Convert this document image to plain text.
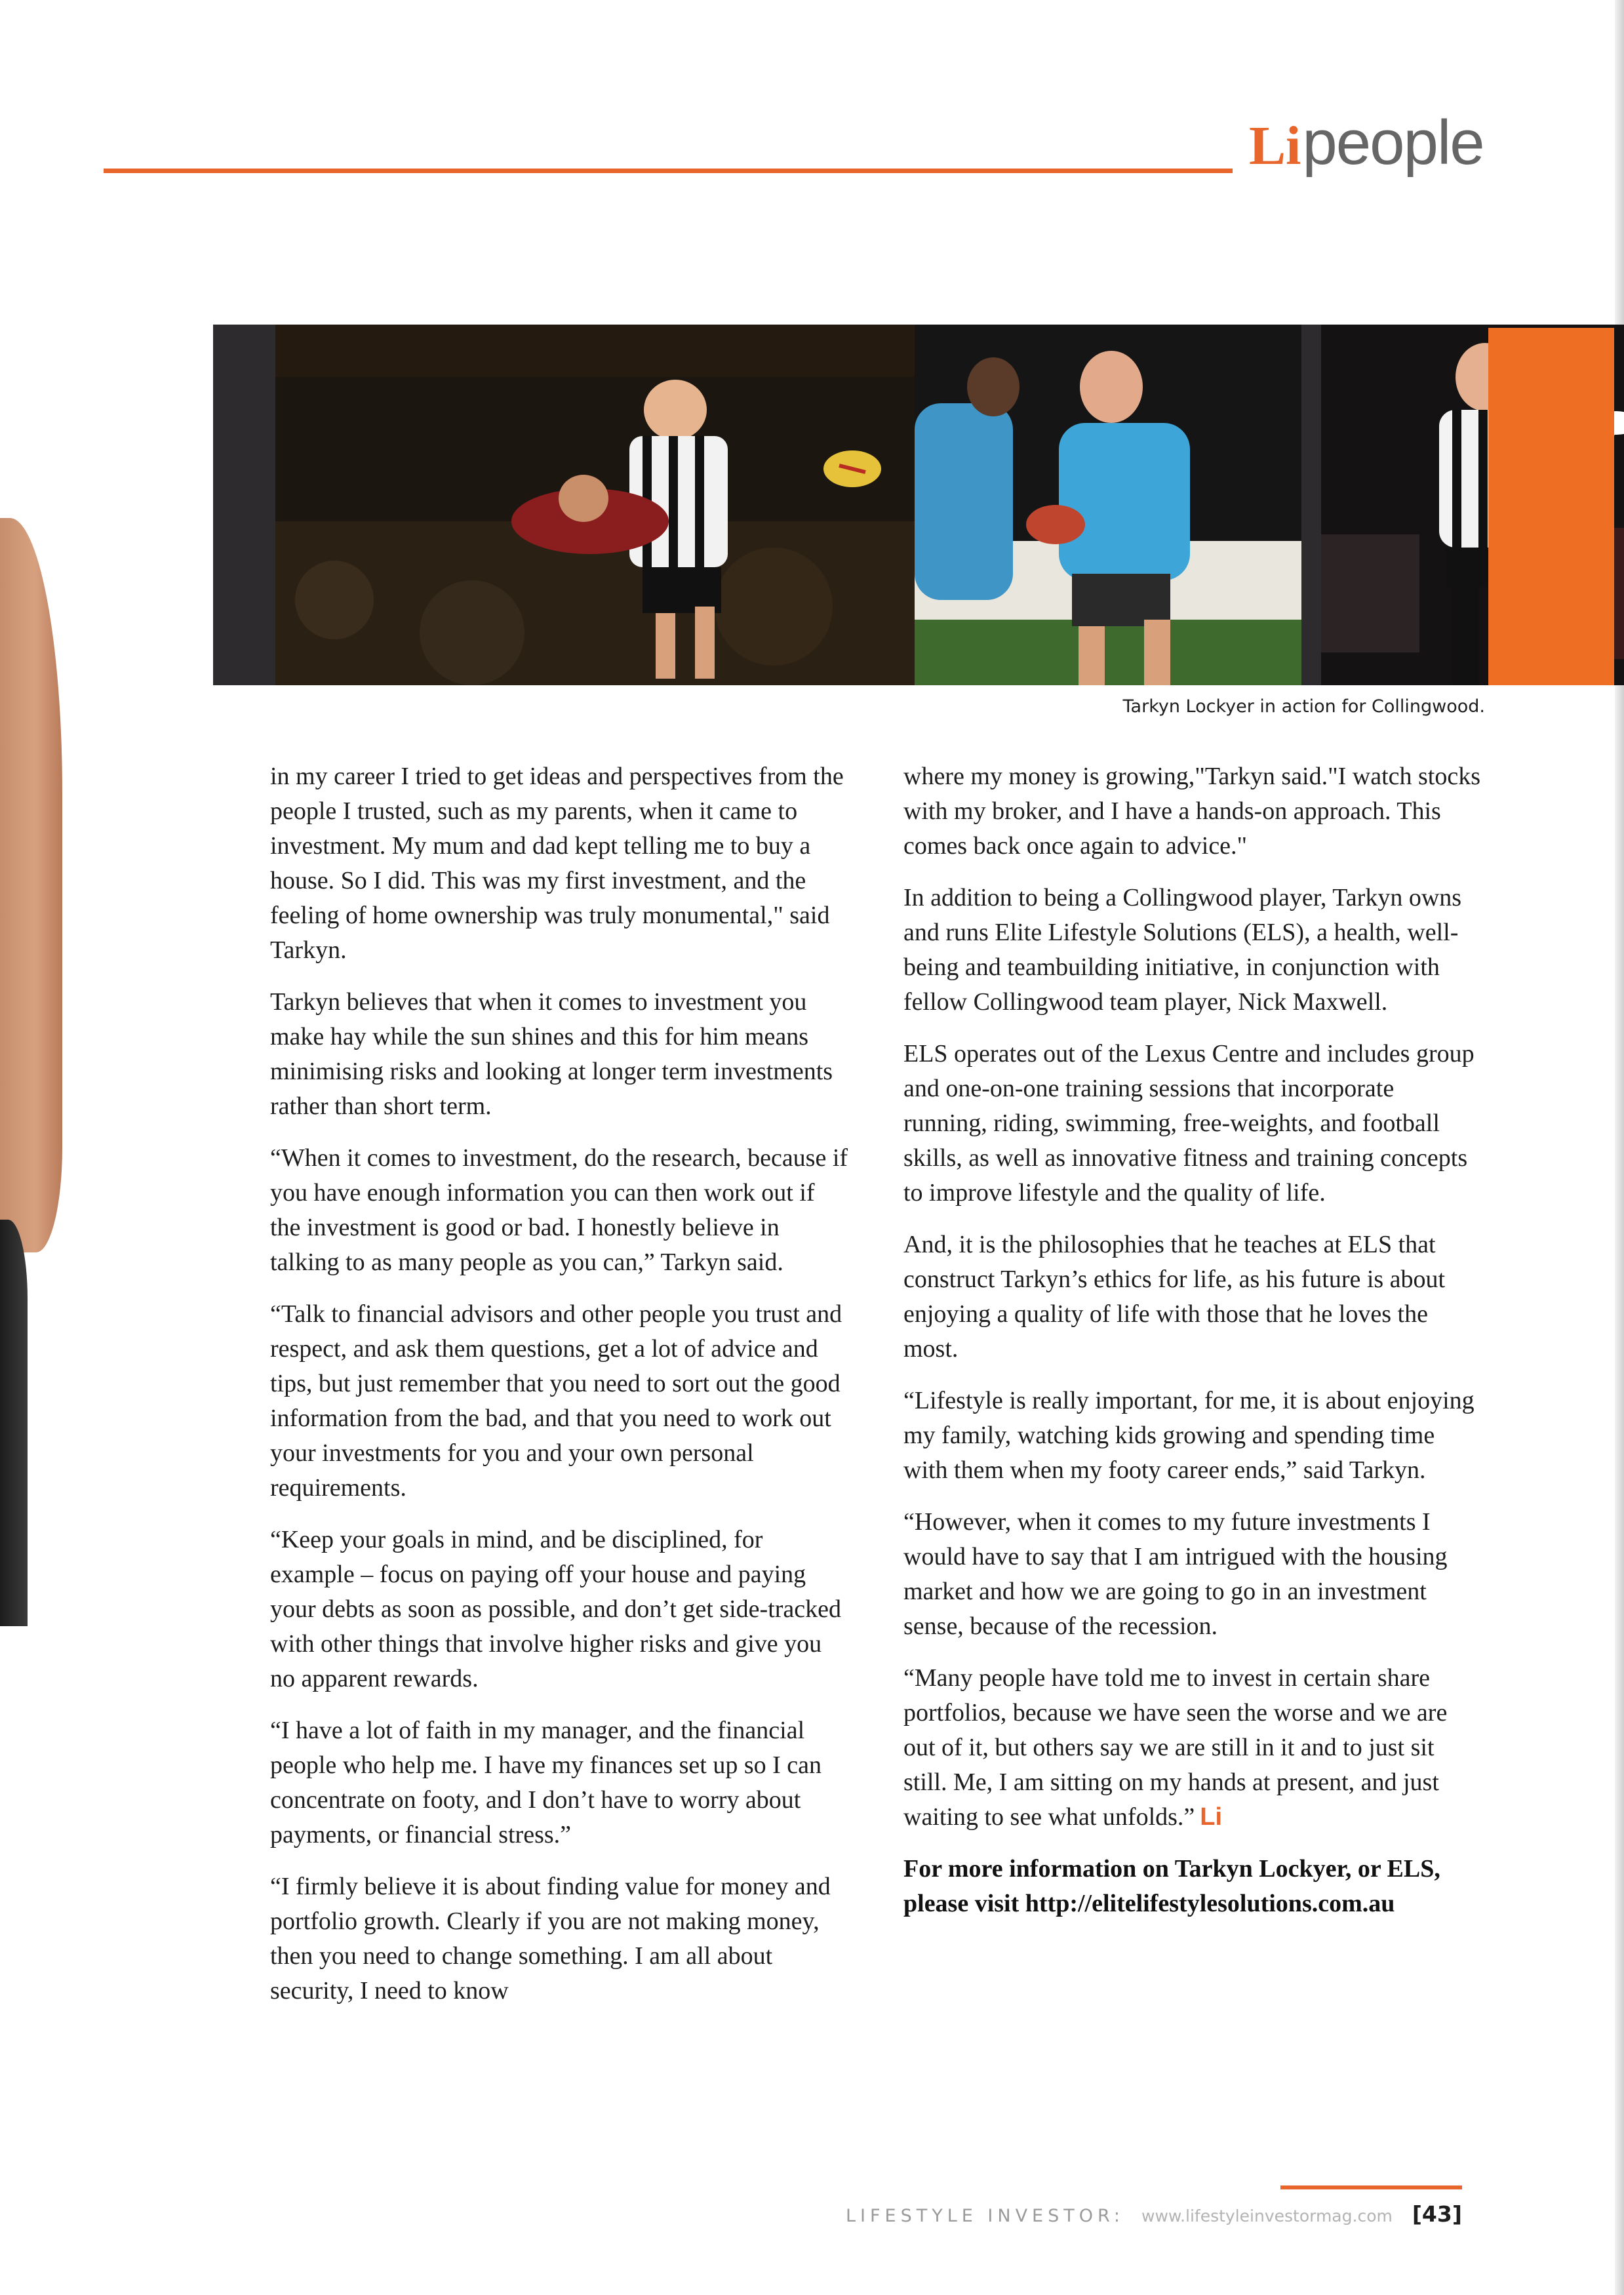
Li people
Tarkyn Lockyer in action for Collingwood.

in my career I tried to get ideas and perspectives from the people I trusted, such as my parents, when it came to investment. My mum and dad kept telling me to buy a house. So I did. This was my first investment, and the feeling of home ownership was truly monumental," said Tarkyn.

Tarkyn believes that when it comes to investment you make hay while the sun shines and this for him means minimising risks and looking at longer term investments rather than short term.

“When it comes to investment, do the research, because if you have enough information you can then work out if the investment is good or bad. I honestly believe in talking to as many people as you can,” Tarkyn said.

“Talk to financial advisors and other people you trust and respect, and ask them questions, get a lot of advice and tips, but just remember that you need to sort out the good information from the bad, and that you need to work out your investments for you and your own personal requirements.

“Keep your goals in mind, and be disciplined, for example – focus on paying off your house and paying your debts as soon as possible, and don’t get side-tracked with other things that involve higher risks and give you no apparent rewards.

“I have a lot of faith in my manager, and the financial people who help me. I have my finances set up so I can concentrate on footy, and I don’t have to worry about payments, or financial stress.”

“I firmly believe it is about finding value for money and portfolio growth. Clearly if you are not making money, then you need to change something. I am all about security, I need to know

where my money is growing,"Tarkyn said."I watch stocks with my broker, and I have a hands-on approach. This comes back once again to advice."

In addition to being a Collingwood player, Tarkyn owns and runs Elite Lifestyle Solutions (ELS), a health, well-being and teambuilding initiative, in conjunction with fellow Collingwood team player, Nick Maxwell.

ELS operates out of the Lexus Centre and includes group and one-on-one training sessions that incorporate running, riding, swimming, free-weights, and football skills, as well as innovative fitness and training concepts to improve lifestyle and the quality of life.

And, it is the philosophies that he teaches at ELS that construct Tarkyn’s ethics for life, as his future is about enjoying a quality of life with those that he loves the most.

“Lifestyle is really important, for me, it is about enjoying my family, watching kids growing and spending time with them when my footy career ends,” said Tarkyn.

“However, when it comes to my future investments I would have to say that I am intrigued with the housing market and how we are going to go in an investment sense, because of the recession.

“Many people have told me to invest in certain share portfolios, because we have seen the worse and we are out of it, but others say we are still in it and to just sit still. Me, I am sitting on my hands at present, and just waiting to see what unfolds.” Li

For more information on Tarkyn Lockyer, or ELS, please visit http://elitelifestylesolutions.com.au

LIFESTYLE INVESTOR: www.lifestyleinvestormag.com [43]
